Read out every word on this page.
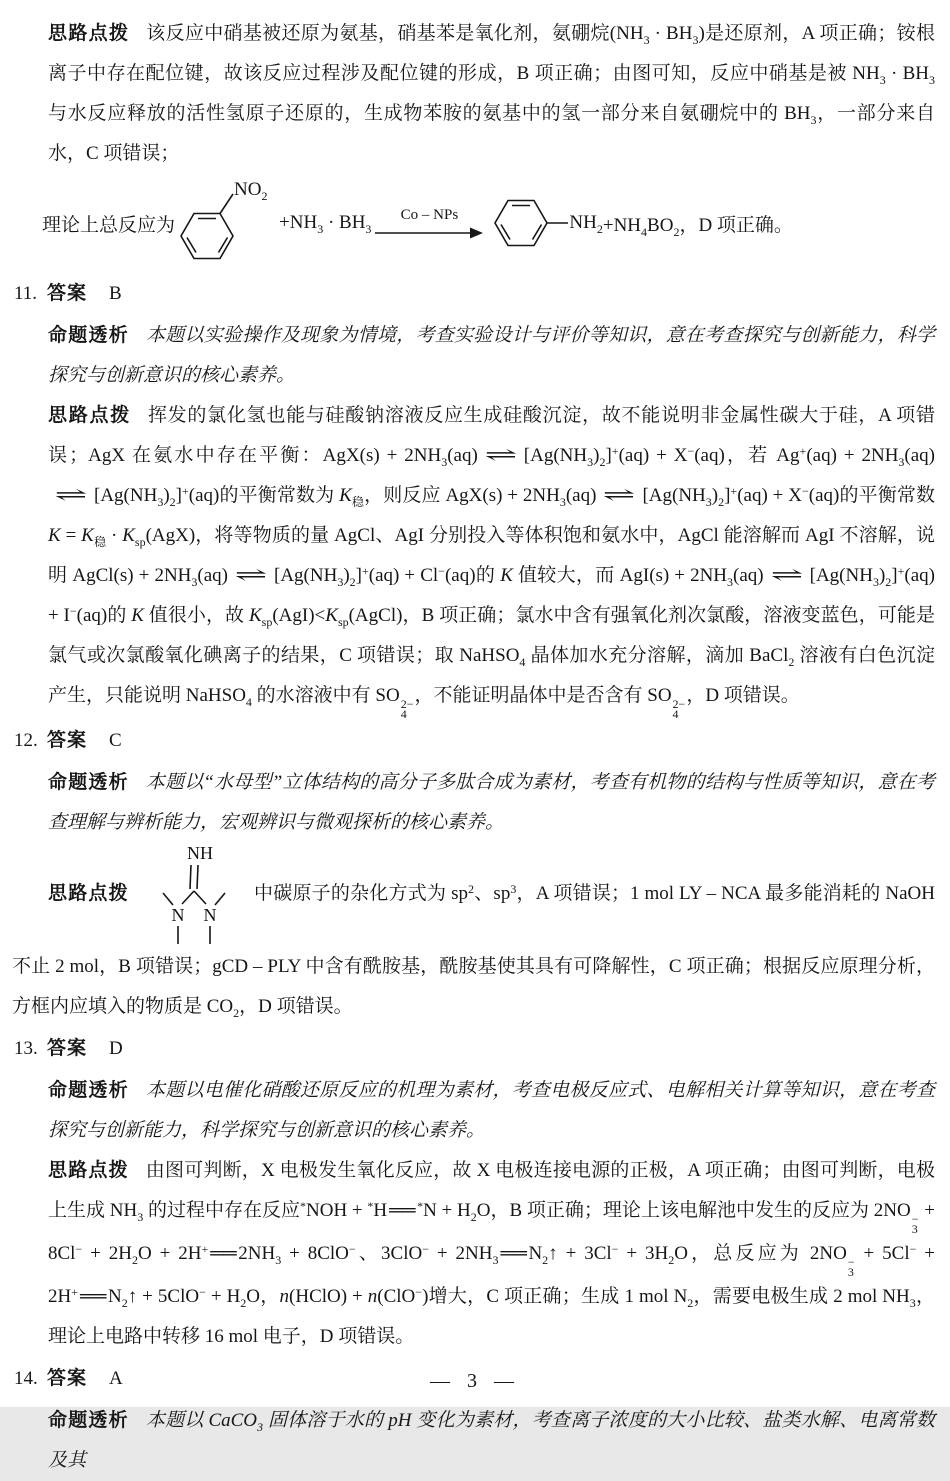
思路点拨 该反应中硝基被还原为氨基，硝基苯是氧化剂，氨硼烷$(NH_3 \cdot BH_3)$是还原剂，A 项正确；铵根离子中存在配位键，故该反应过程涉及配位键的形成，B 项正确；由图可知，反应中硝基是被 $NH_3 \cdot BH_3$ 与水反应释放的活性氢原子还原的，生成物苯胺的氨基中的氢一部分来自氨硼烷中的 $BH_3$，一部分来自水，C 项错误；

理论上总反应为
$NO_2$
$+NH_3 \cdot BH_3$
Co – NPs	$NH_2 +NH_4BO_2$，D 项正确。
11. 答案 B

命题透析 本题以实验操作及现象为情境，考查实验设计与评价等知识，意在考查探究与创新能力，科学探究与创新意识的核心素养。

思路点拨 挥发的氯化氢也能与硅酸钠溶液反应生成硅酸沉淀，故不能说明非金属性碳大于硅，A 项错误；AgX 在氨水中存在平衡：$AgX(s) + 2NH_3(aq)$ ⇌ $[Ag(NH_3)_2]^+(aq) + X^-(aq)$，若 $Ag^+(aq) + 2NH_3(aq)\rightleftharpoons$ $[Ag(NH_3)_2]^+(aq)$的平衡常数为 $K_稳$，则反应 $AgX(s) + 2NH_3(aq)$ ⇌ $[Ag(NH_3)_2]^+(aq) + X^-(aq)$的平衡常数 $K = K_稳 \cdot K_{sp}(AgX)$，将等物质的量 AgCl、AgI 分别投入等体积饱和氨水中，AgCl 能溶解而 AgI 不溶解，说明 AgCl(s) + $2NH_3(aq)$ ⇌ $[Ag(NH_3)_2]^+(aq) + Cl^-(aq)$的 K 值较大，而 $AgI(s) + 2NH_3(aq)$ ⇌ $[Ag(NH_3)_2]^+(aq) + I^-(aq)$的 K 值很小，故 $K_{sp}(AgI)<K_{sp}(AgCl)$，B 项正确；氯水中含有强氧化剂次氯酸，溶液变蓝色，可能是氯气或次氯酸氧化碘离子的结果，C 项错误；取 NaHSO$_4$ 晶体加水充分溶解，滴加 BaCl$_2$ 溶液有白色沉淀产生，只能说明 NaHSO$_4$ 的水溶液中有 SO 2−
4
，不能证明晶体中是否含有 SO 2−
4
，D 项错误。

12. 答案 C

命题透析 本题以“水母型”立体结构的高分子多肽合成为素材，考查有机物的结构与性质等知识，意在考查理解与辨析能力，宏观辨识与微观探析的核心素养。

思路点拨
NH
N N
中碳原子的杂化方式为 $sp^2$、$sp^3$，A 项错误；1 mol LY – NCA 最多能消耗的 NaOH 不止 2 mol，B 项错误；gCD – PLY 中含有酰胺基，酰胺基使其具有可降解性，C 项正确；根据反应原理分析，方框内应填入的物质是 $CO_2$，D 项错误。

13. 答案 D

命题透析 本题以电催化硝酸还原反应的机理为素材，考查电极反应式、电解相关计算等知识，意在考查探究与创新能力，科学探究与创新意识的核心素养。

思路点拨 由图可判断，X 电极发生氧化反应，故 X 电极连接电源的正极，A 项正确；由图可判断，电极上生成 $NH_3$ 的过程中存在反应*NOH + *H ══ $^*N + H_2O$，B 项正确；理论上该电解池中发生的反应为 2NO −
3
+ $8Cl^- + 2H_2O + 2H^+$ ══ $2NH_3 + 8ClO^-$、$3ClO^- + 2NH_3$ ══ $N_2↑ + 3Cl^- + 3H_2O$，总反应为 2NO −
3
+ 5Cl− + 2H+ ══ $N_2↑ + 5ClO^- + H_2O$，n(HClO) + n(ClO−)增大，C 项正确；生成 1 mol $N_2$，需要电极生成 2 mol $NH_3$，理论上电路中转移 16 mol 电子，D 项错误。

14. 答案 A

命题透析 本题以 CaCO$_3$ 固体溶于水的 pH 变化为素材，考查离子浓度的大小比较、盐类水解、电离常数及其

— 3 —
